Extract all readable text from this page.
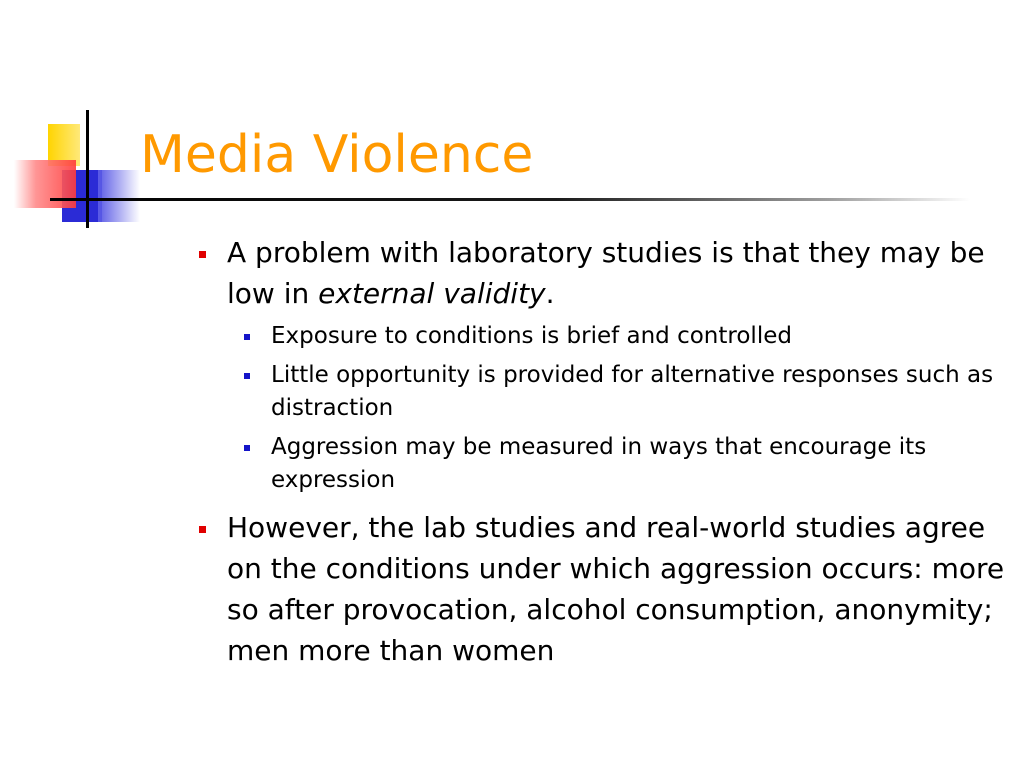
Media Violence
A problem with laboratory studies is that they may be low in external validity.
Exposure to conditions is brief and controlled
Little opportunity is provided for alternative responses such as distraction
Aggression may be measured in ways that encourage its expression
However, the lab studies and real-world studies agree on the conditions under which aggression occurs: more so after provocation, alcohol consumption, anonymity; men more than women
